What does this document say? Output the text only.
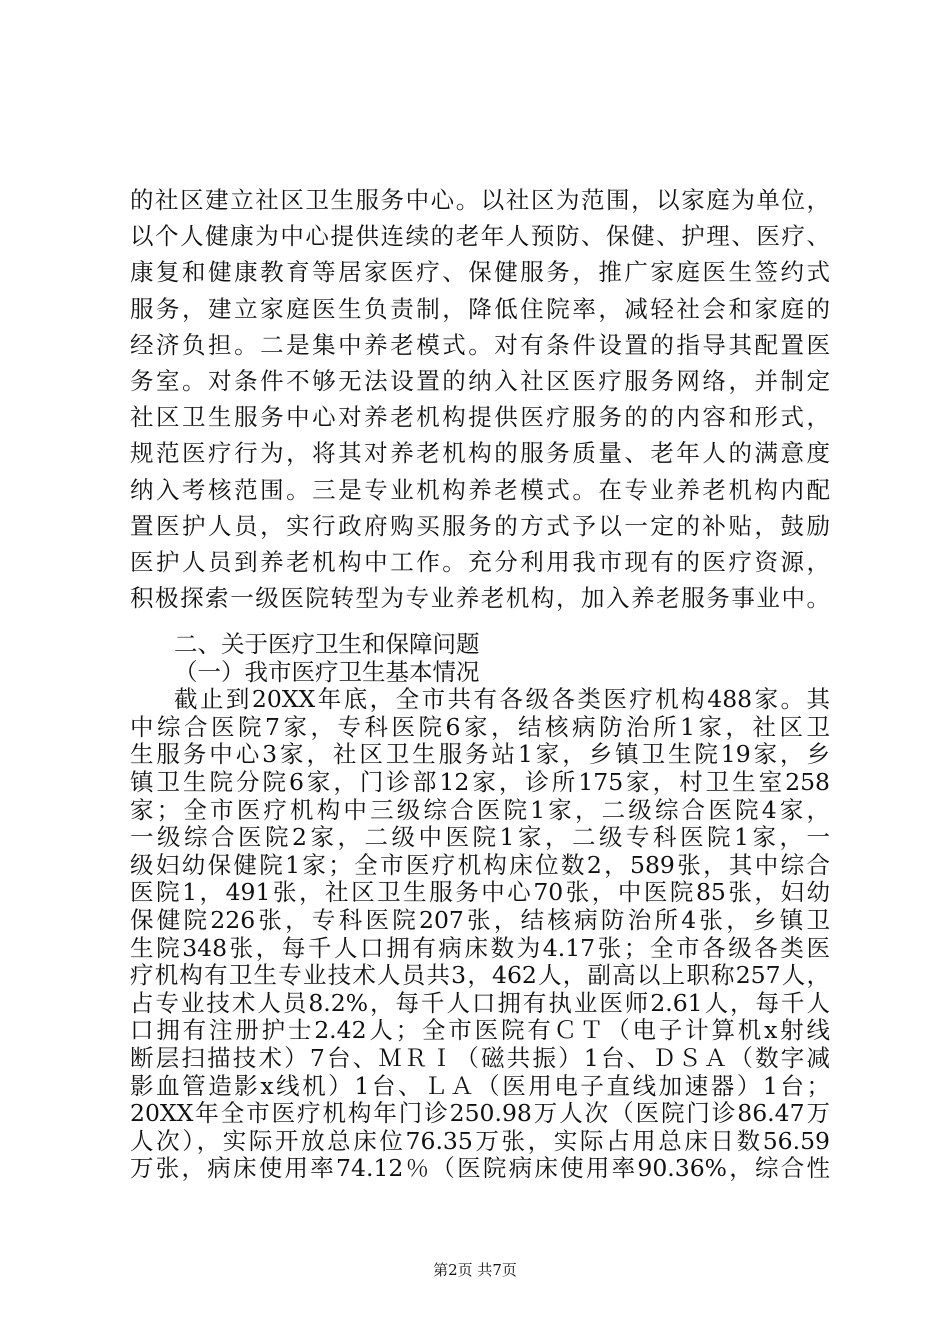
的社区建立社区卫生服务中心。以社区为范围，以家庭为单位，
以个人健康为中心提供连续的老年人预防、保健、护理、医疗、
康复和健康教育等居家医疗、保健服务，推广家庭医生签约式
服务，建立家庭医生负责制，降低住院率，减轻社会和家庭的
经济负担。二是集中养老模式。对有条件设置的指导其配置医
务室。对条件不够无法设置的纳入社区医疗服务网络，并制定
社区卫生服务中心对养老机构提供医疗服务的的内容和形式，
规范医疗行为，将其对养老机构的服务质量、老年人的满意度
纳入考核范围。三是专业机构养老模式。在专业养老机构内配
置医护人员，实行政府购买服务的方式予以一定的补贴，鼓励
医护人员到养老机构中工作。充分利用我市现有的医疗资源，
积极探索一级医院转型为专业养老机构，加入养老服务事业中。
二、关于医疗卫生和保障问题
（一）我市医疗卫生基本情况
截止到20XX年底，全市共有各级各类医疗机构488家。其
中综合医院7家，专科医院6家，结核病防治所1家，社区卫
生服务中心3家，社区卫生服务站1家，乡镇卫生院19家，乡
镇卫生院分院6家，门诊部12家，诊所175家，村卫生室258
家；全市医疗机构中三级综合医院1家，二级综合医院4家，
一级综合医院2家，二级中医院1家，二级专科医院1家，一
级妇幼保健院1家；全市医疗机构床位数2，589张，其中综合
医院1，491张，社区卫生服务中心70张，中医院85张，妇幼
保健院226张，专科医院207张，结核病防治所4张，乡镇卫
生院348张，每千人口拥有病床数为4.17张；全市各级各类医
疗机构有卫生专业技术人员共3，462人，副高以上职称257人，
占专业技术人员8.2%，每千人口拥有执业医师2.61人，每千人
口拥有注册护士2.42人；全市医院有ＣＴ（电子计算机x射线
断层扫描技术）7台、ＭＲＩ（磁共振）1台、ＤＳＡ（数字减
影血管造影x线机）1台、ＬＡ（医用电子直线加速器）1台；
20XX年全市医疗机构年门诊250.98万人次（医院门诊86.47万
人次），实际开放总床位76.35万张，实际占用总床日数56.59
万张，病床使用率74.12％（医院病床使用率90.36%，综合性
第2页 共7页
